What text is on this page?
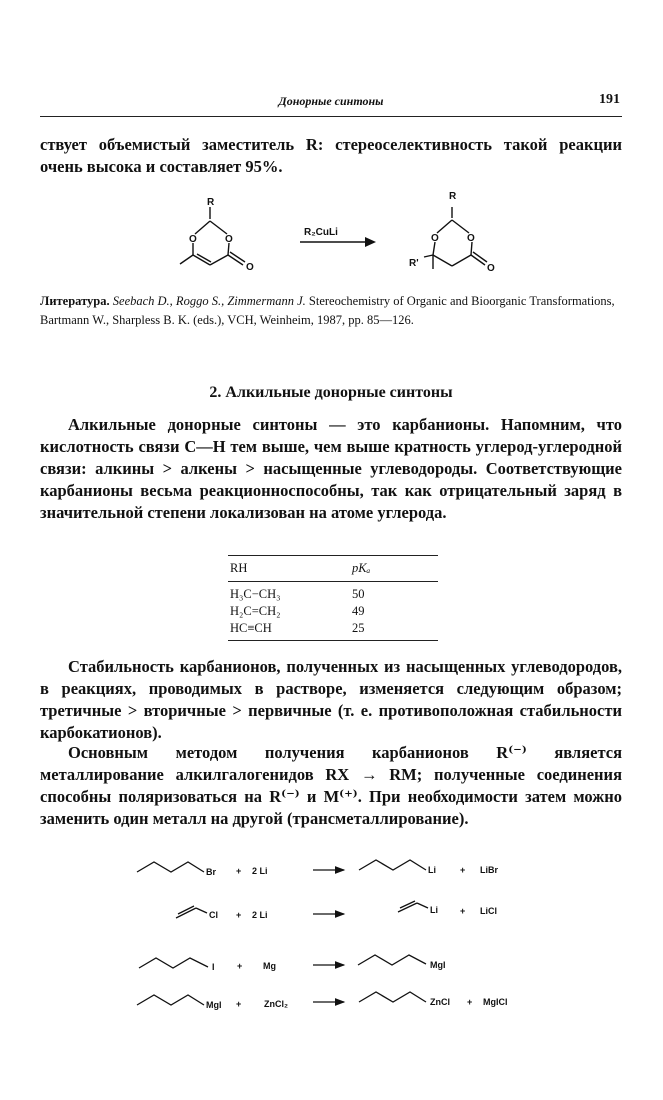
Донорные синтоны	191

ствует объемистый заместитель R: стереоселективность такой реакции очень высока и составляет 95%.

R
O	O
O
R₂CuLi
R
O	O
R'	O

Литература. Seebach D., Roggo S., Zimmermann J. Stereochemistry of Organic and Bioorganic Transformations, Bartmann W., Sharpless B. K. (eds.), VCH, Weinheim, 1987, pp. 85—126.

2. Алкильные донорные синтоны

Алкильные донорные синтоны — это карбанионы. Напомним, что кислотность связи C—H тем выше, чем выше кратность углерод-углеродной связи: алкины > алкены > насыщенные углеводороды. Соответствующие карбанионы весьма реакционноспособны, так как отрицательный заряд в значительной степени локализован на атоме углерода.

RH	pKₐ
H₃C−CH₃	50
H₂C=CH₂	49
HC≡CH	25

Стабильность карбанионов, полученных из насыщенных углеводородов, в реакциях, проводимых в растворе, изменяется следующим образом; третичные > вторичные > первичные (т. е. противоположная стабильности карбокатионов).

Основным методом получения карбанионов R⁽⁻⁾ является металлирование алкилгалогенидов RX → RM; полученные соединения способны поляризоваться на R⁽⁻⁾ и M⁽⁺⁾. При необходимости затем можно заменить один металл на другой (трансметаллирование).

Br + 2 Li	Li	+ LiBr
Cl + 2 Li	Li + LiCl
I + Mg	MgI
MgI +	ZnCl₂	ZnCl + MgICl
